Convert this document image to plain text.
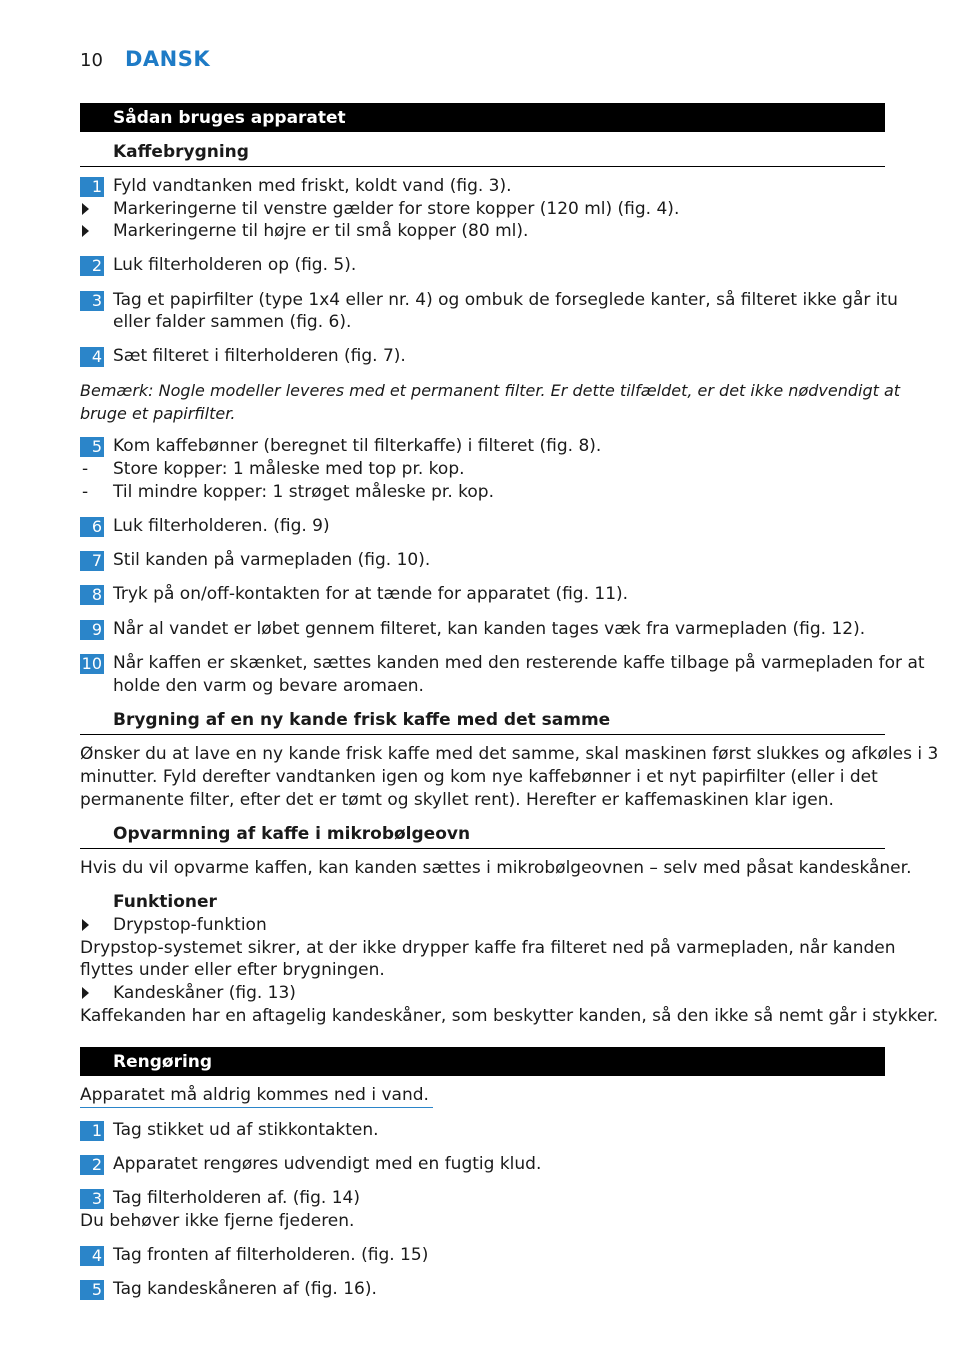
10 DANSK
Sådan bruges apparatet
Kaffebrygning
1 Fyld vandtanken med friskt, koldt vand (fig. 3).
Markeringerne til venstre gælder for store kopper (120 ml) (fig. 4).
Markeringerne til højre er til små kopper (80 ml).
2 Luk filterholderen op (fig. 5).
3 Tag et papirfilter (type 1x4 eller nr. 4) og ombuk de forseglede kanter, så filteret ikke går itu
eller falder sammen (fig. 6).
4 Sæt filteret i filterholderen (fig. 7).
Bemærk: Nogle modeller leveres med et permanent filter. Er dette tilfældet, er det ikke nødvendigt at
bruge et papirfilter.
5 Kom kaffebønner (beregnet til filterkaffe) i filteret (fig. 8).
- Store kopper: 1 måleske med top pr. kop.
- Til mindre kopper: 1 strøget måleske pr. kop.
6 Luk filterholderen. (fig. 9)
7 Stil kanden på varmepladen (fig. 10).
8 Tryk på on/off-kontakten for at tænde for apparatet (fig. 11).
9 Når al vandet er løbet gennem filteret, kan kanden tages væk fra varmepladen (fig. 12).
10 Når kaffen er skænket, sættes kanden med den resterende kaffe tilbage på varmepladen for at
holde den varm og bevare aromaen.
Brygning af en ny kande frisk kaffe med det samme
Ønsker du at lave en ny kande frisk kaffe med det samme, skal maskinen først slukkes og afkøles i 3
minutter. Fyld derefter vandtanken igen og kom nye kaffebønner i et nyt papirfilter (eller i det
permanente filter, efter det er tømt og skyllet rent). Herefter er kaffemaskinen klar igen.
Opvarmning af kaffe i mikrobølgeovn
Hvis du vil opvarme kaffen, kan kanden sættes i mikrobølgeovnen – selv med påsat kandeskåner.
Funktioner
Drypstop-funktion
Drypstop-systemet sikrer, at der ikke drypper kaffe fra filteret ned på varmepladen, når kanden
flyttes under eller efter brygningen.
Kandeskåner (fig. 13)
Kaffekanden har en aftagelig kandeskåner, som beskytter kanden, så den ikke så nemt går i stykker.
Rengøring
Apparatet må aldrig kommes ned i vand.
1 Tag stikket ud af stikkontakten.
2 Apparatet rengøres udvendigt med en fugtig klud.
3 Tag filterholderen af. (fig. 14)
Du behøver ikke fjerne fjederen.
4 Tag fronten af filterholderen. (fig. 15)
5 Tag kandeskåneren af (fig. 16).
